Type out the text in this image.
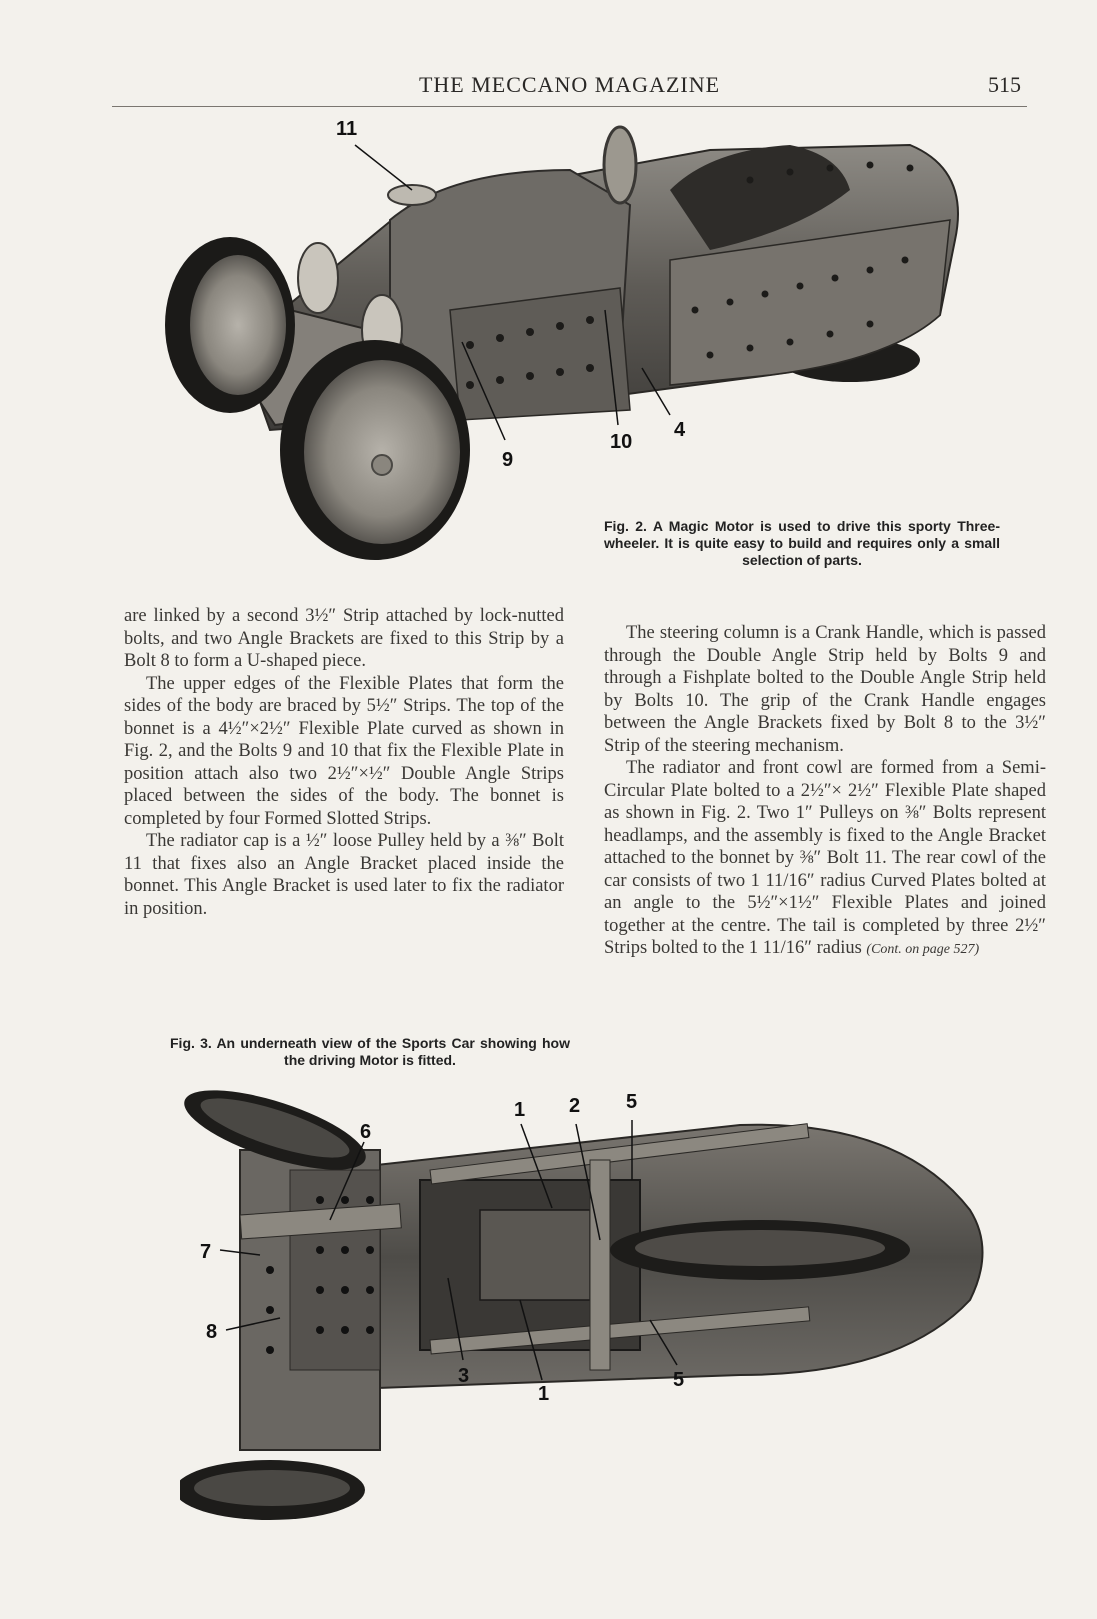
THE MECCANO MAGAZINE	515
11
9
10
4
Fig. 2. A Magic Motor is used to drive this sporty Three-wheeler. It is quite easy to build and requires only a small selection of parts.

are linked by a second 3½″ Strip attached by lock-nutted bolts, and two Angle Brackets are fixed to this Strip by a Bolt 8 to form a U-shaped piece.

The upper edges of the Flexible Plates that form the sides of the body are braced by 5½″ Strips. The top of the bonnet is a 4½″×2½″ Flexible Plate curved as shown in Fig. 2, and the Bolts 9 and 10 that fix the Flexible Plate in position attach also two 2½″×½″ Double Angle Strips placed between the sides of the body. The bonnet is completed by four Formed Slotted Strips.

The radiator cap is a ½″ loose Pulley held by a ⅜″ Bolt 11 that fixes also an Angle Bracket placed inside the bonnet. This Angle Bracket is used later to fix the radiator in position.

Fig. 3. An underneath view of the Sports Car showing how the driving Motor is fitted.

The steering column is a Crank Handle, which is passed through the Double Angle Strip held by Bolts 9 and through a Fishplate bolted to the Double Angle Strip held by Bolts 10. The grip of the Crank Handle engages between the Angle Brackets fixed by Bolt 8 to the 3½″ Strip of the steering mechanism.

The radiator and front cowl are formed from a Semi-Circular Plate bolted to a 2½″× 2½″ Flexible Plate shaped as shown in Fig. 2. Two 1″ Pulleys on ⅜″ Bolts represent headlamps, and the assembly is fixed to the Angle Bracket attached to the bonnet by ⅜″ Bolt 11. The rear cowl of the car consists of two 1 11/16″ radius Curved Plates bolted at an angle to the 5½″×1½″ Flexible Plates and joined together at the centre. The tail is completed by three 2½″ Strips bolted to the 1 11/16″ radius (Cont. on page 527)

6
1 2 5
7
8
3
1
5
